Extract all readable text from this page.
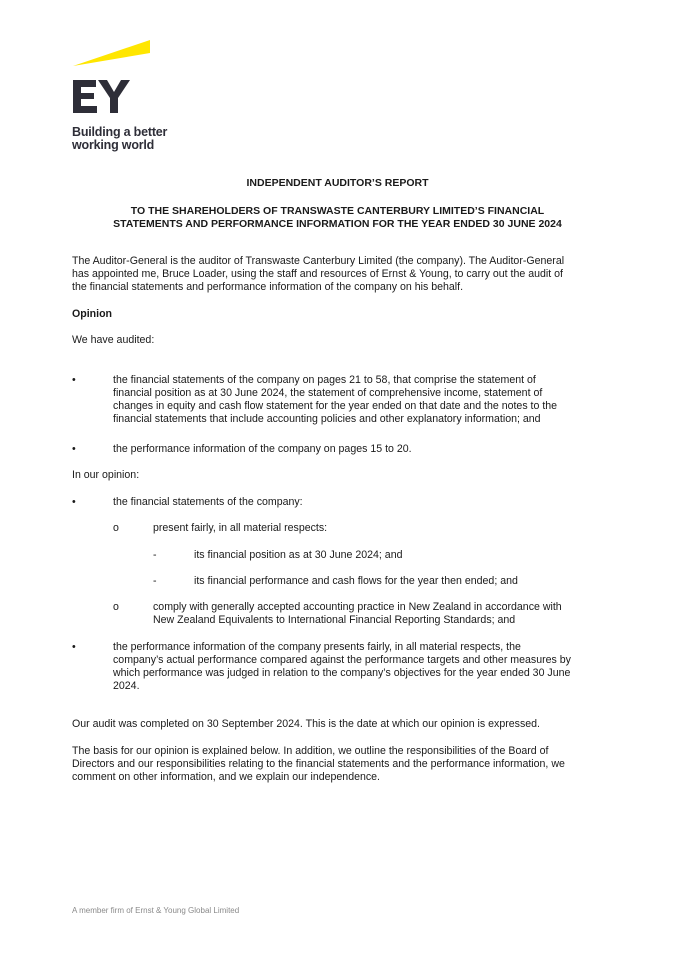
Building a better
working world
INDEPENDENT AUDITOR’S REPORT
TO THE SHAREHOLDERS OF TRANSWASTE CANTERBURY LIMITED’S FINANCIAL
STATEMENTS AND PERFORMANCE INFORMATION FOR THE YEAR ENDED 30 JUNE 2024
The Auditor-General is the auditor of Transwaste Canterbury Limited (the company). The Auditor-General
has appointed me, Bruce Loader, using the staff and resources of Ernst & Young, to carry out the audit of
the financial statements and performance information of the company on his behalf.
Opinion
We have audited:
•	the financial statements of the company on pages 21 to 58, that comprise the statement of
financial position as at 30 June 2024, the statement of comprehensive income, statement of
changes in equity and cash flow statement for the year ended on that date and the notes to the
financial statements that include accounting policies and other explanatory information; and
•	the performance information of the company on pages 15 to 20.
In our opinion:
•	the financial statements of the company:
o	present fairly, in all material respects:
-	its financial position as at 30 June 2024; and
-	its financial performance and cash flows for the year then ended; and
o	comply with generally accepted accounting practice in New Zealand in accordance with
New Zealand Equivalents to International Financial Reporting Standards; and
•	the performance information of the company presents fairly, in all material respects, the
company’s actual performance compared against the performance targets and other measures by
which performance was judged in relation to the company’s objectives for the year ended 30 June
2024.
Our audit was completed on 30 September 2024. This is the date at which our opinion is expressed.
The basis for our opinion is explained below. In addition, we outline the responsibilities of the Board of
Directors and our responsibilities relating to the financial statements and the performance information, we
comment on other information, and we explain our independence.
A member firm of Ernst & Young Global Limited
